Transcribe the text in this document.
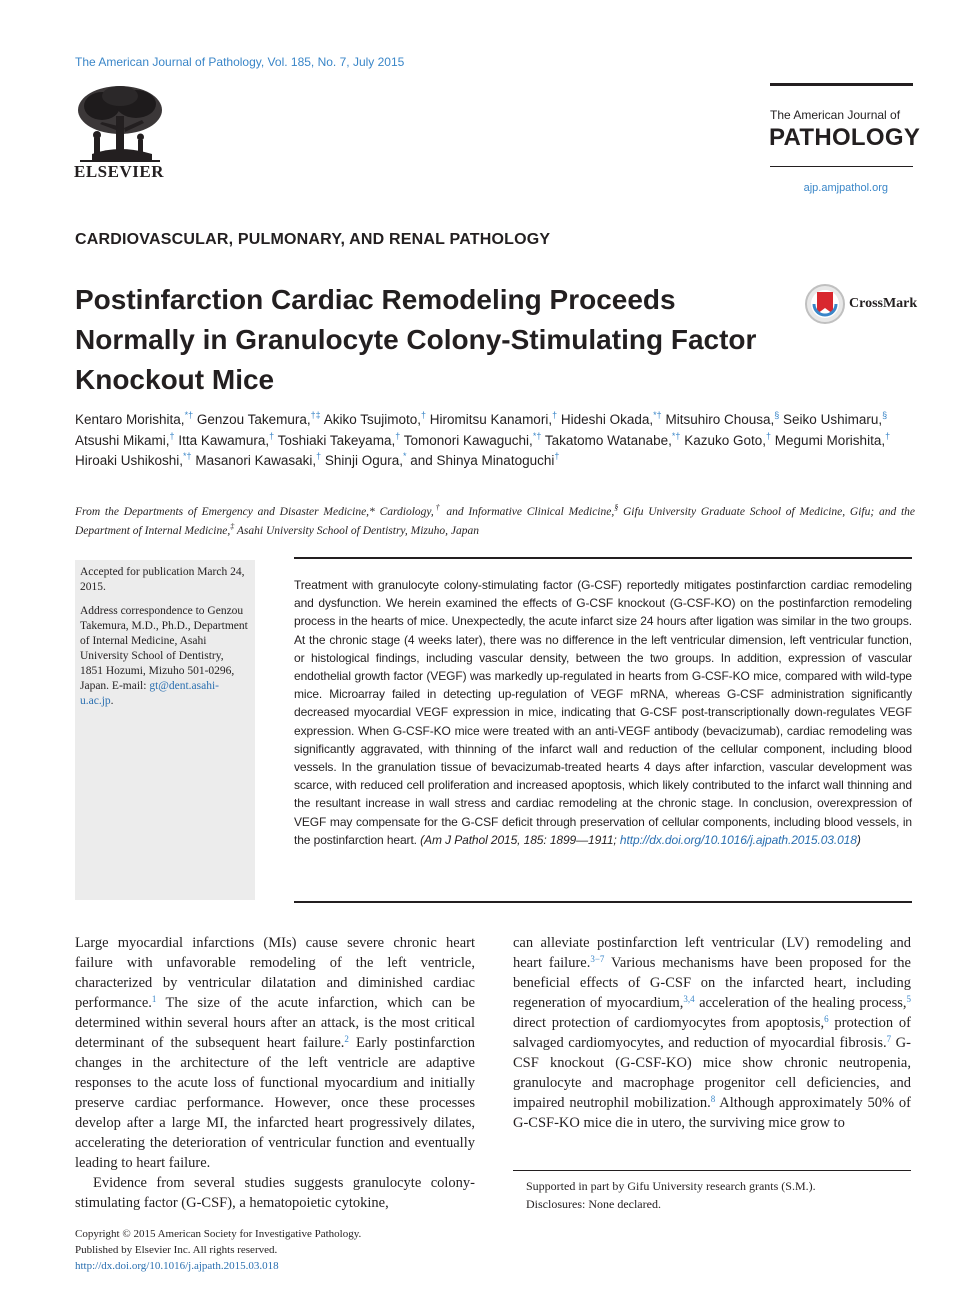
The American Journal of Pathology, Vol. 185, No. 7, July 2015
ELSEVIER
The American Journal of
PATHOLOGY
ajp.amjpathol.org
CARDIOVASCULAR, PULMONARY, AND RENAL PATHOLOGY
Postinfarction Cardiac Remodeling Proceeds Normally in Granulocyte Colony-Stimulating Factor Knockout Mice
CrossMark
Kentaro Morishita,*† Genzou Takemura,†‡ Akiko Tsujimoto,† Hiromitsu Kanamori,† Hideshi Okada,*† Mitsuhiro Chousa,§ Seiko Ushimaru,§ Atsushi Mikami,† Itta Kawamura,† Toshiaki Takeyama,† Tomonori Kawaguchi,*† Takatomo Watanabe,*† Kazuko Goto,† Megumi Morishita,† Hiroaki Ushikoshi,*† Masanori Kawasaki,† Shinji Ogura,* and Shinya Minatoguchi†
From the Departments of Emergency and Disaster Medicine,* Cardiology,† and Informative Clinical Medicine,§ Gifu University Graduate School of Medicine, Gifu; and the Department of Internal Medicine,‡ Asahi University School of Dentistry, Mizuho, Japan
Accepted for publication March 24, 2015.
Address correspondence to Genzou Takemura, M.D., Ph.D., Department of Internal Medicine, Asahi University School of Dentistry, 1851 Hozumi, Mizuho 501-0296, Japan. E-mail: gt@dent.asahi-u.ac.jp.
Treatment with granulocyte colony-stimulating factor (G-CSF) reportedly mitigates postinfarction cardiac remodeling and dysfunction. We herein examined the effects of G-CSF knockout (G-CSF-KO) on the postinfarction remodeling process in the hearts of mice. Unexpectedly, the acute infarct size 24 hours after ligation was similar in the two groups. At the chronic stage (4 weeks later), there was no difference in the left ventricular dimension, left ventricular function, or histological findings, including vascular density, between the two groups. In addition, expression of vascular endothelial growth factor (VEGF) was markedly up-regulated in hearts from G-CSF-KO mice, compared with wild-type mice. Microarray failed in detecting up-regulation of VEGF mRNA, whereas G-CSF administration significantly decreased myocardial VEGF expression in mice, indicating that G-CSF post-transcriptionally down-regulates VEGF expression. When G-CSF-KO mice were treated with an anti-VEGF antibody (bevacizumab), cardiac remodeling was significantly aggravated, with thinning of the infarct wall and reduction of the cellular component, including blood vessels. In the granulation tissue of bevacizumab-treated hearts 4 days after infarction, vascular development was scarce, with reduced cell proliferation and increased apoptosis, which likely contributed to the infarct wall thinning and the resultant increase in wall stress and cardiac remodeling at the chronic stage. In conclusion, overexpression of VEGF may compensate for the G-CSF deficit through preservation of cellular components, including blood vessels, in the postinfarction heart. (Am J Pathol 2015, 185: 1899—1911; http://dx.doi.org/10.1016/j.ajpath.2015.03.018)

Large myocardial infarctions (MIs) cause severe chronic heart failure with unfavorable remodeling of the left ventricle, characterized by ventricular dilatation and diminished cardiac performance.$^1$ The size of the acute infarction, which can be determined within several hours after an attack, is the most critical determinant of the subsequent heart failure.$^2$ Early postinfarction changes in the architecture of the left ventricle are adaptive responses to the acute loss of functional myocardium and initially preserve cardiac performance. However, once these processes develop after a large MI, the infarcted heart progressively dilates, accelerating the deterioration of ventricular function and eventually leading to heart failure.

Evidence from several studies suggests granulocyte colony-stimulating factor (G-CSF), a hematopoietic cytokine,

can alleviate postinfarction left ventricular (LV) remodeling and heart failure.$^{3-7}$ Various mechanisms have been proposed for the beneficial effects of G-CSF on the infarcted heart, including regeneration of myocardium,$^{3,4}$ acceleration of the healing process,$^5$ direct protection of cardiomyocytes from apoptosis,$^6$ protection of salvaged cardiomyocytes, and reduction of myocardial fibrosis.$^7$ G-CSF knockout (G-CSF-KO) mice show chronic neutropenia, granulocyte and macrophage progenitor cell deficiencies, and impaired neutrophil mobilization.$^8$ Although approximately 50% of G-CSF-KO mice die in utero, the surviving mice grow to

Supported in part by Gifu University research grants (S.M.).
Disclosures: None declared.
Copyright © 2015 American Society for Investigative Pathology.
Published by Elsevier Inc. All rights reserved.
http://dx.doi.org/10.1016/j.ajpath.2015.03.018
